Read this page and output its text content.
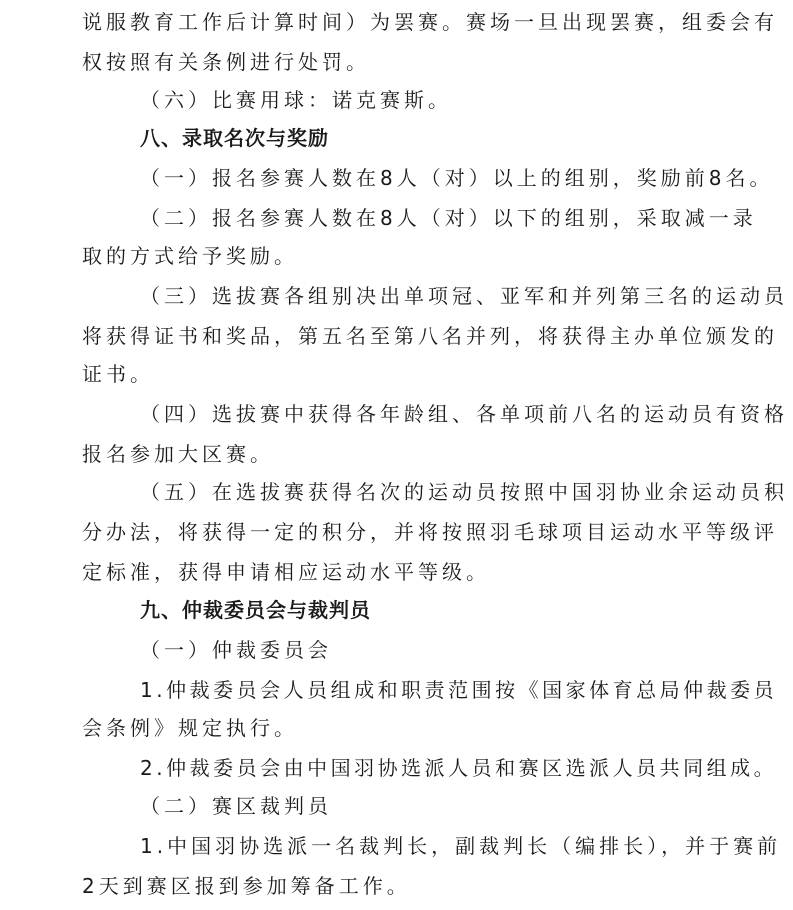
说服教育工作后计算时间）为罢赛。赛场一旦出现罢赛，组委会有
权按照有关条例进行处罚。
（六）比赛用球：诺克赛斯。
八、录取名次与奖励
（一）报名参赛人数在8人（对）以上的组别，奖励前8名。
（二）报名参赛人数在8人（对）以下的组别，采取减一录
取的方式给予奖励。
（三）选拔赛各组别决出单项冠、亚军和并列第三名的运动员
将获得证书和奖品，第五名至第八名并列，将获得主办单位颁发的
证书。
（四）选拔赛中获得各年龄组、各单项前八名的运动员有资格
报名参加大区赛。
（五）在选拔赛获得名次的运动员按照中国羽协业余运动员积
分办法，将获得一定的积分，并将按照羽毛球项目运动水平等级评
定标准，获得申请相应运动水平等级。
九、仲裁委员会与裁判员
（一）仲裁委员会
1.仲裁委员会人员组成和职责范围按《国家体育总局仲裁委员
会条例》规定执行。
2.仲裁委员会由中国羽协选派人员和赛区选派人员共同组成。
（二）赛区裁判员
1.中国羽协选派一名裁判长，副裁判长（编排长），并于赛前
2天到赛区报到参加筹备工作。
